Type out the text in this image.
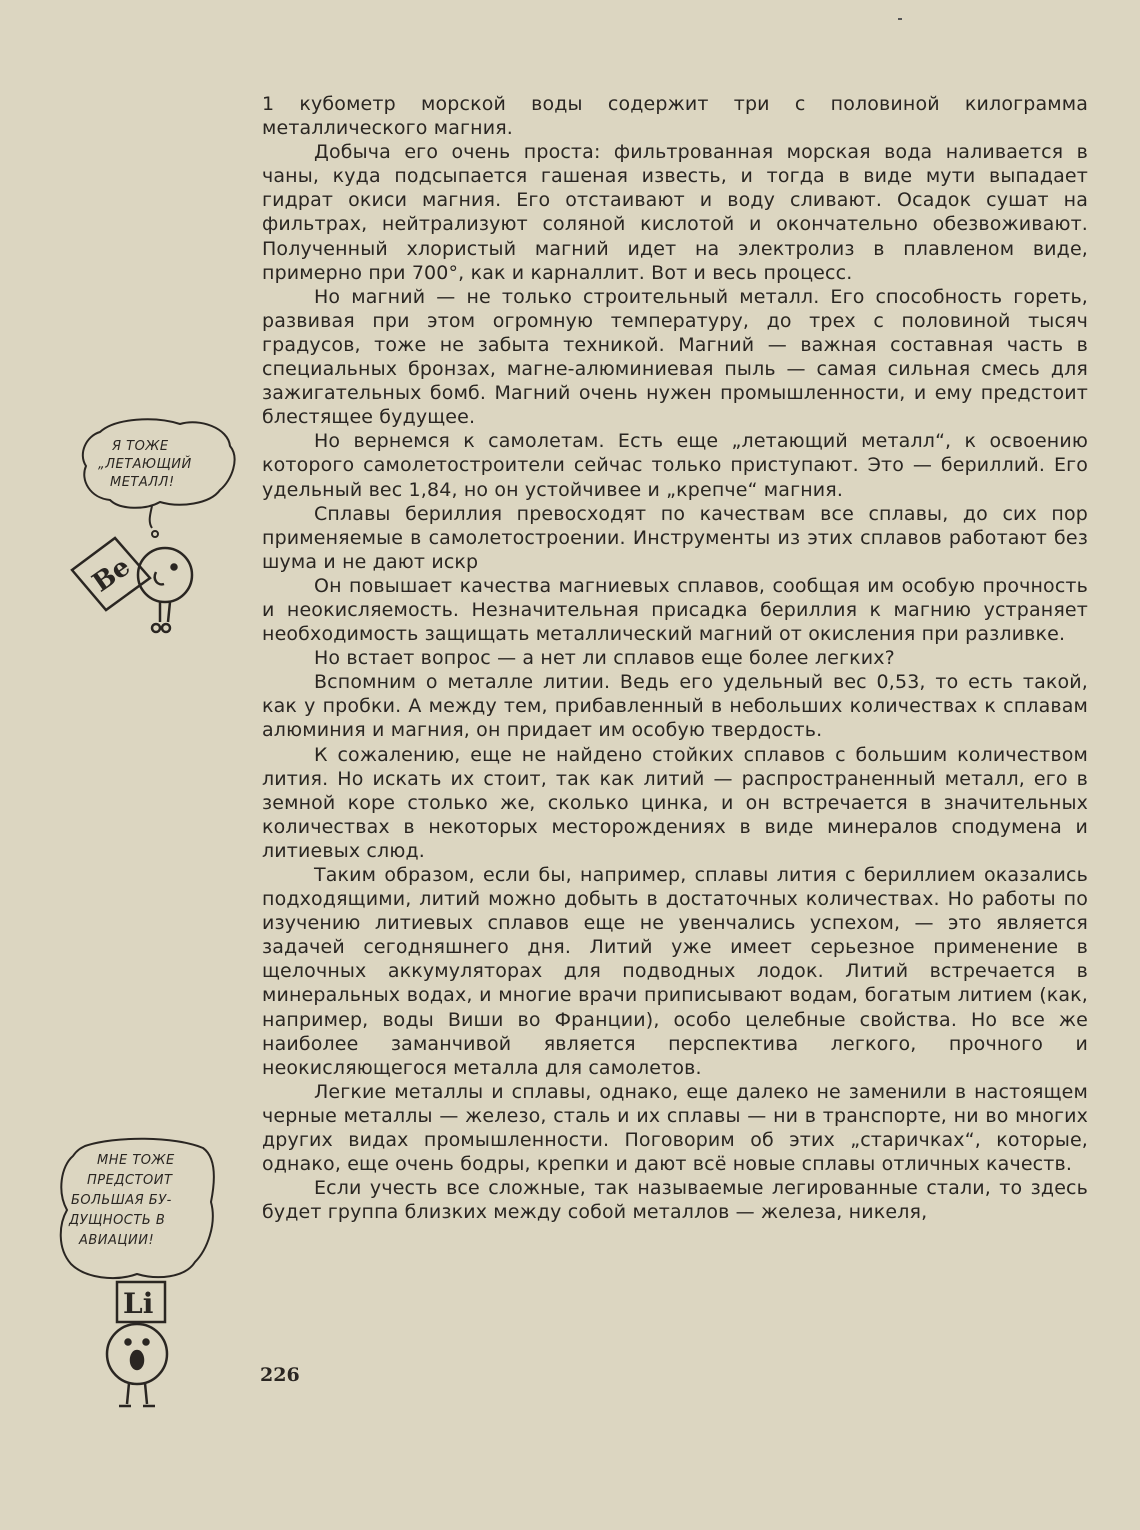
1 кубометр морской воды содержит три с половиной килограмма металлического магния.

Добыча его очень проста: фильтрованная морская вода наливается в чаны, куда подсыпается гашеная известь, и тогда в виде мути выпадает гидрат окиси магния. Его отстаивают и воду сливают. Осадок сушат на фильтрах, нейтрализуют соляной кислотой и окончательно обезвоживают. Полученный хлористый магний идет на электролиз в плавленом виде, примерно при 700°, как и карналлит. Вот и весь процесс.

Но магний — не только строительный металл. Его способность гореть, развивая при этом огромную температуру, до трех с половиной тысяч градусов, тоже не забыта техникой. Магний — важная составная часть в специальных бронзах, магне-алюминиевая пыль — самая сильная смесь для зажигательных бомб. Магний очень нужен промышленности, и ему предстоит блестящее будущее.

Но вернемся к самолетам. Есть еще „летающий металл“, к освоению которого самолетостроители сейчас только приступают. Это — бериллий. Его удельный вес 1,84, но он устойчивее и „крепче“ магния.

Сплавы бериллия превосходят по качествам все сплавы, до сих пор применяемые в самолетостроении. Инструменты из этих сплавов работают без шума и не дают искр

Он повышает качества магниевых сплавов, сообщая им особую прочность и неокисляемость. Незначительная присадка бериллия к магнию устраняет необходимость защищать металлический магний от окисления при разливке.

Но встает вопрос — а нет ли сплавов еще более легких?

Вспомним о металле литии. Ведь его удельный вес 0,53, то есть такой, как у пробки. А между тем, прибавленный в небольших количествах к сплавам алюминия и магния, он придает им особую твердость.

К сожалению, еще не найдено стойких сплавов с большим количеством лития. Но искать их стоит, так как литий — распространенный металл, его в земной коре столько же, сколько цинка, и он встречается в значительных количествах в некоторых месторождениях в виде минералов сподумена и литиевых слюд.

Таким образом, если бы, например, сплавы лития с бериллием оказались подходящими, литий можно добыть в достаточных количествах. Но работы по изучению литиевых сплавов еще не увенчались успехом, — это является задачей сегодняшнего дня. Литий уже имеет серьезное применение в щелочных аккумуляторах для подводных лодок. Литий встречается в минеральных водах, и многие врачи приписывают водам, богатым литием (как, например, воды Виши во Франции), особо целебные свойства. Но все же наиболее заманчивой является перспектива легкого, прочного и неокисляющегося металла для самолетов.

Легкие металлы и сплавы, однако, еще далеко не заменили в настоящем черные металлы — железо, сталь и их сплавы — ни в транспорте, ни во многих других видах промышленности. Поговорим об этих „старичках“, которые, однако, еще очень бодры, крепки и дают всё новые сплавы отличных качеств.

Если учесть все сложные, так называемые легированные стали, то здесь будет группа близких между собой металлов — железа, никеля,

226
Я ТОЖЕ
„ЛЕТАЮЩИЙ
МЕТАЛЛ!
Be
МНЕ ТОЖЕ
ПРЕДСТОИТ
БОЛЬШАЯ БУ-
ДУЩНОСТЬ В
АВИАЦИИ!
Li
